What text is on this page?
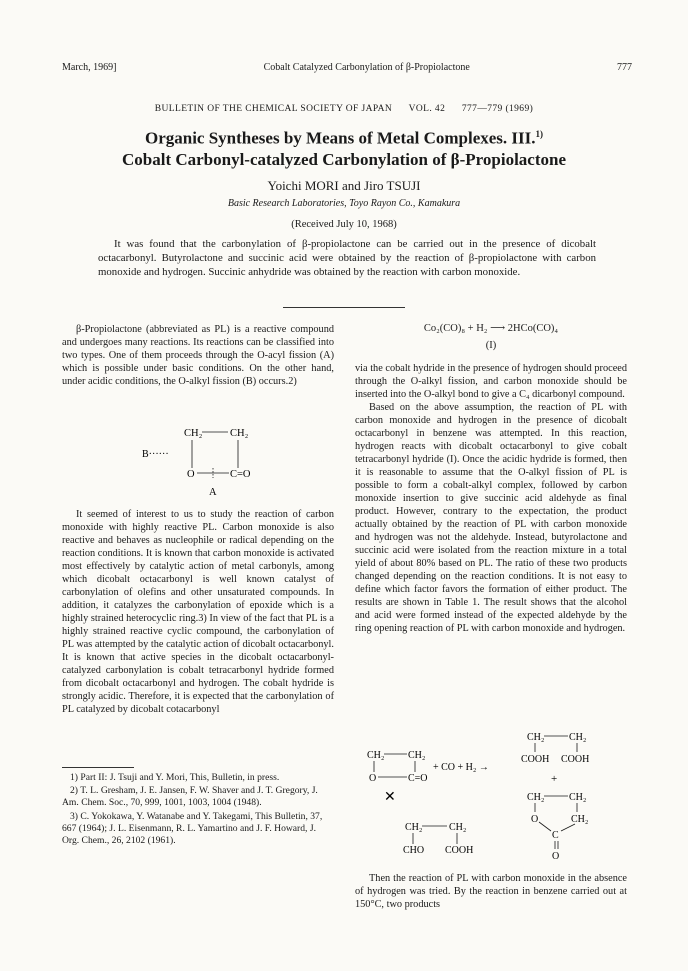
March, 1969]	Cobalt Catalyzed Carbonylation of β-Propiolactone	777
BULLETIN OF THE CHEMICAL SOCIETY OF JAPAN      VOL. 42      777—779 (1969)
Organic Syntheses by Means of Metal Complexes. III.$^{1)}$
Cobalt Carbonyl-catalyzed Carbonylation of β-Propiolactone
Yoichi MORI and Jiro TSUJI
Basic Research Laboratories, Toyo Rayon Co., Kamakura
(Received July 10, 1968)
It was found that the carbonylation of β-propiolactone can be carried out in the presence of dicobalt octacarbonyl. Butyrolactone and succinic acid were obtained by the reaction of β-propiolactone with carbon monoxide and hydrogen. Succinic anhydride was obtained by the reaction with carbon monoxide.

β-Propiolactone (abbreviated as PL) is a reactive compound and undergoes many reactions. Its reactions can be classified into two types. One of them proceeds through the O-acyl fission (A) which is possible under basic conditions. On the other hand, under acidic conditions, the O-alkyl fission (B) occurs.2)

CH₂	CH₂
B······
O	C=O
A

It seemed of interest to us to study the reaction of carbon monoxide with highly reactive PL. Carbon monoxide is also reactive and behaves as nucleophile or radical depending on the reaction conditions. It is known that carbon monoxide is activated most effectively by catalytic action of metal carbonyls, among which dicobalt octacarbonyl is well known catalyst of carbonylation of olefins and other unsaturated compounds. In addition, it catalyzes the carbonylation of epoxide which is a highly strained heterocyclic ring.3) In view of the fact that PL is a highly strained reactive cyclic compound, the carbonylation of PL was attempted by the catalytic action of dicobalt octacarbonyl. It is known that active species in the dicobalt octacarbonyl-catalyzed carbonylation is cobalt tetracarbonyl hydride formed from dicobalt octacarbonyl and hydrogen. The cobalt hydride is strongly acidic. Therefore, it is expected that the carbonylation of PL catalyzed by dicobalt cotacarbonyl

1) Part II: J. Tsuji and Y. Mori, This, Bulletin, in press.

2) T. L. Gresham, J. E. Jansen, F. W. Shaver and J. T. Gregory, J. Am. Chem. Soc., 70, 999, 1001, 1003, 1004 (1948).

3) C. Yokokawa, Y. Watanabe and Y. Takegami, This Bulletin, 37, 667 (1964); J. L. Eisenmann, R. L. Yamartino and J. F. Howard, J. Org. Chem., 26, 2102 (1961).

Co₂(CO)₈ + H₂ ⟶ 2HCo(CO)₄
(I)

via the cobalt hydride in the presence of hydrogen should proceed through the O-alkyl fission, and carbon monoxide should be inserted into the O-alkyl bond to give a C₄ dicarbonyl compound.

Based on the above assumption, the reaction of PL with carbon monoxide and hydrogen in the presence of dicobalt octacarbonyl in benzene was attempted. In this reaction, hydrogen reacts with dicobalt octacarbonyl to give cobalt tetracarbonyl hydride (I). Once the acidic hydride is formed, then it is reasonable to assume that the O-alkyl fission of PL is possible to form a cobalt-alkyl complex, followed by carbon monoxide insertion to give succinic acid aldehyde as final product. However, contrary to the expectation, the product actually obtained by the reaction of PL with carbon monoxide and hydrogen was not the aldehyde. Instead, butyrolactone and succinic acid were isolated from the reaction mixture in a total yield of about 80% based on PL. The ratio of these two products changed depending on the reaction conditions. It is not easy to define which factor favors the formation of either product. The results are shown in Table 1. The result shows that the alcohol and acid were formed instead of the expected aldehyde by the ring opening reaction of PL with carbon monoxide and hydrogen.

CH₂ CH₂
O	C=O
+ CO + H₂ →
✕
CH₂	CH₂
CHO COOH
CH₂ CH₂
COOH COOH
+
CH₂ CH₂
O	CH₂
C
O

Then the reaction of PL with carbon monoxide in the absence of hydrogen was tried. By the reaction in benzene carried out at 150°C, two products
